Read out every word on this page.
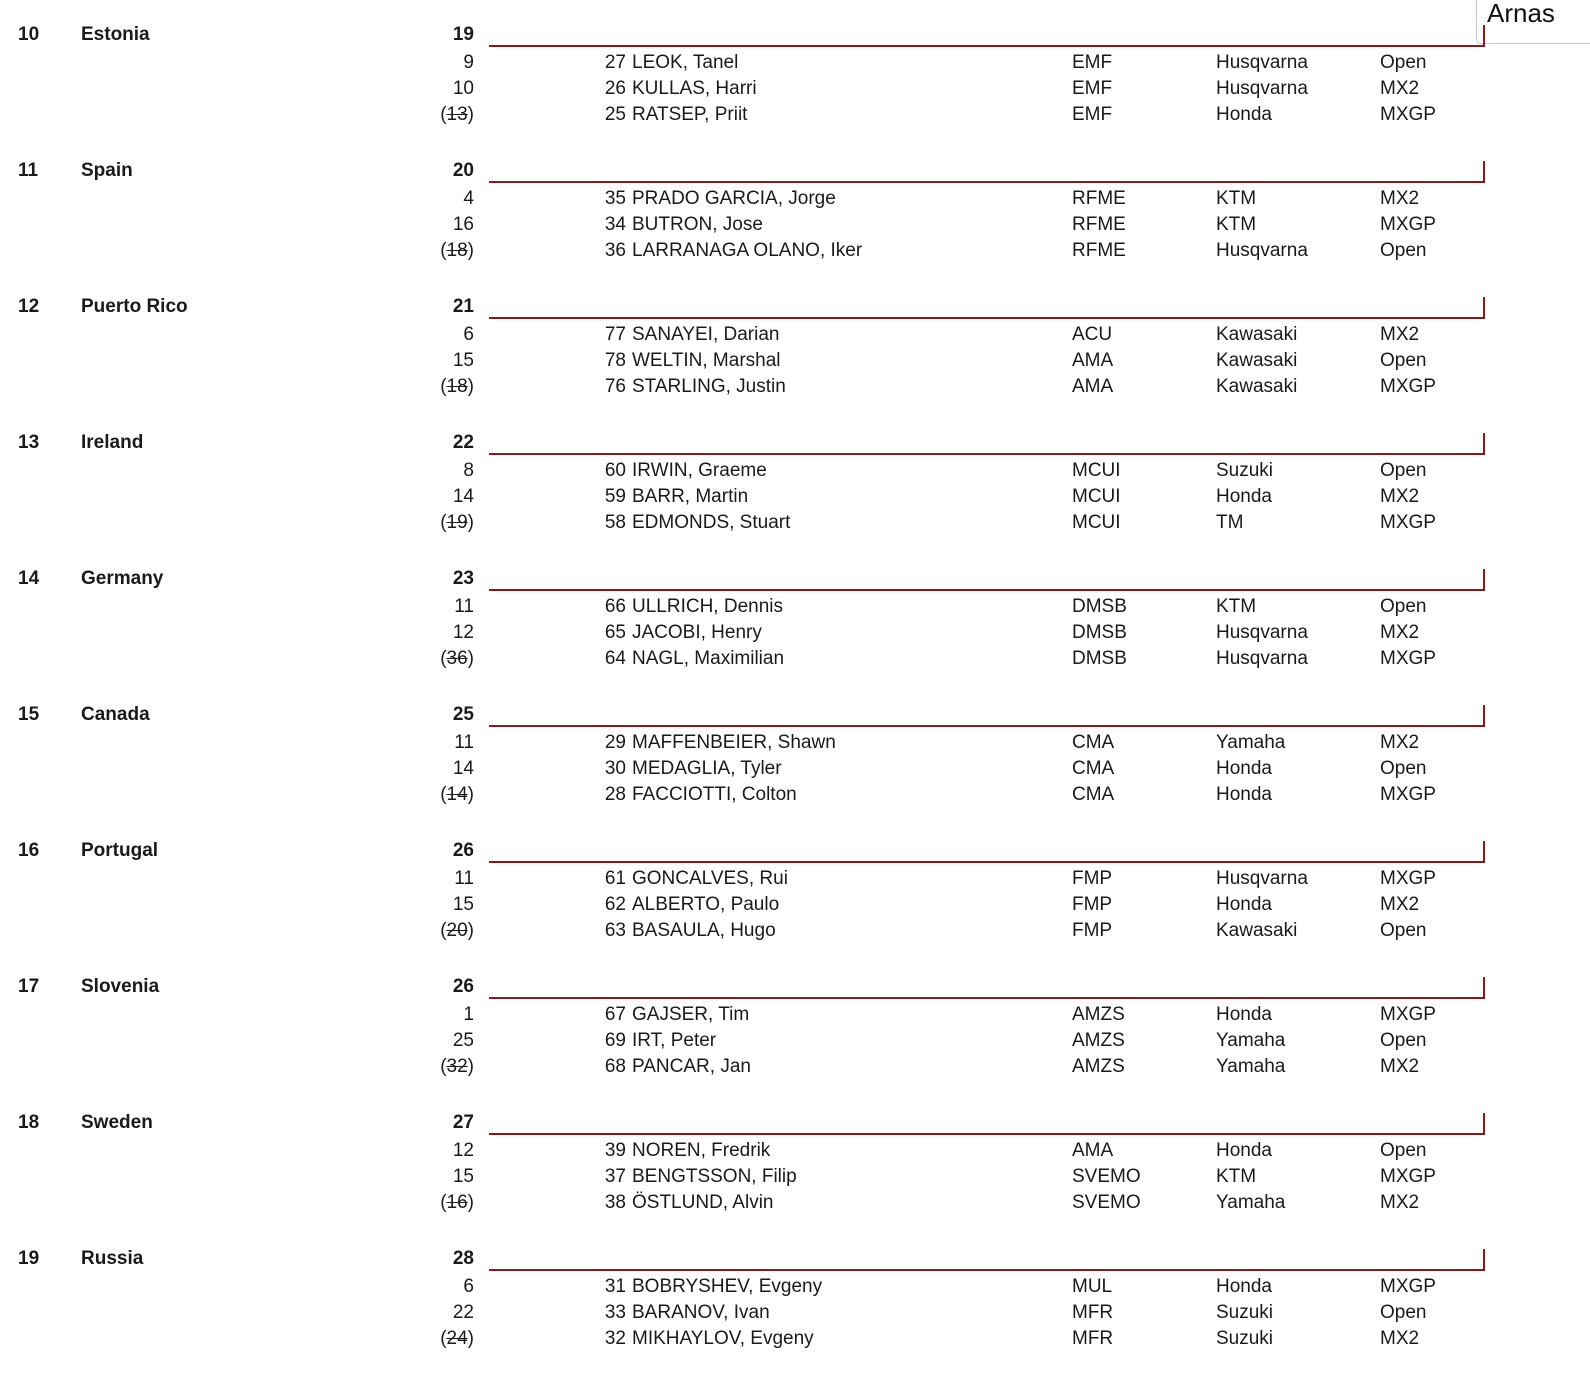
Arnas
10 Estonia	19
9	27 LEOK, Tanel	EMF	Husqvarna	Open
10	26 KULLAS, Harri	EMF	Husqvarna	MX2
(13)	25 RATSEP, Priit	EMF	Honda	MXGP
11 Spain	20
4	35 PRADO GARCIA, Jorge	RFME	KTM	MX2
16	34 BUTRON, Jose	RFME	KTM	MXGP
(18)	36 LARRANAGA OLANO, Iker	RFME	Husqvarna	Open
12 Puerto Rico	21
6	77 SANAYEI, Darian	ACU	Kawasaki	MX2
15	78 WELTIN, Marshal	AMA	Kawasaki	Open
(18)	76 STARLING, Justin	AMA	Kawasaki	MXGP
13 Ireland	22
8	60 IRWIN, Graeme	MCUI	Suzuki	Open
14	59 BARR, Martin	MCUI	Honda	MX2
(19)	58 EDMONDS, Stuart	MCUI	TM	MXGP
14 Germany	23
11	66 ULLRICH, Dennis	DMSB	KTM	Open
12	65 JACOBI, Henry	DMSB	Husqvarna	MX2
(36)	64 NAGL, Maximilian	DMSB	Husqvarna	MXGP
15 Canada	25
11	29 MAFFENBEIER, Shawn	CMA	Yamaha	MX2
14	30 MEDAGLIA, Tyler	CMA	Honda	Open
(14)	28 FACCIOTTI, Colton	CMA	Honda	MXGP
16 Portugal	26
11	61 GONCALVES, Rui	FMP	Husqvarna	MXGP
15	62 ALBERTO, Paulo	FMP	Honda	MX2
(20)	63 BASAULA, Hugo	FMP	Kawasaki	Open
17 Slovenia	26
1	67 GAJSER, Tim	AMZS	Honda	MXGP
25	69 IRT, Peter	AMZS	Yamaha	Open
(32)	68 PANCAR, Jan	AMZS	Yamaha	MX2
18 Sweden	27
12	39 NOREN, Fredrik	AMA	Honda	Open
15	37 BENGTSSON, Filip	SVEMO	KTM	MXGP
(16)	38 ÖSTLUND, Alvin	SVEMO	Yamaha	MX2
19 Russia	28
6	31 BOBRYSHEV, Evgeny	MUL	Honda	MXGP
22	33 BARANOV, Ivan	MFR	Suzuki	Open
(24)	32 MIKHAYLOV, Evgeny	MFR	Suzuki	MX2
